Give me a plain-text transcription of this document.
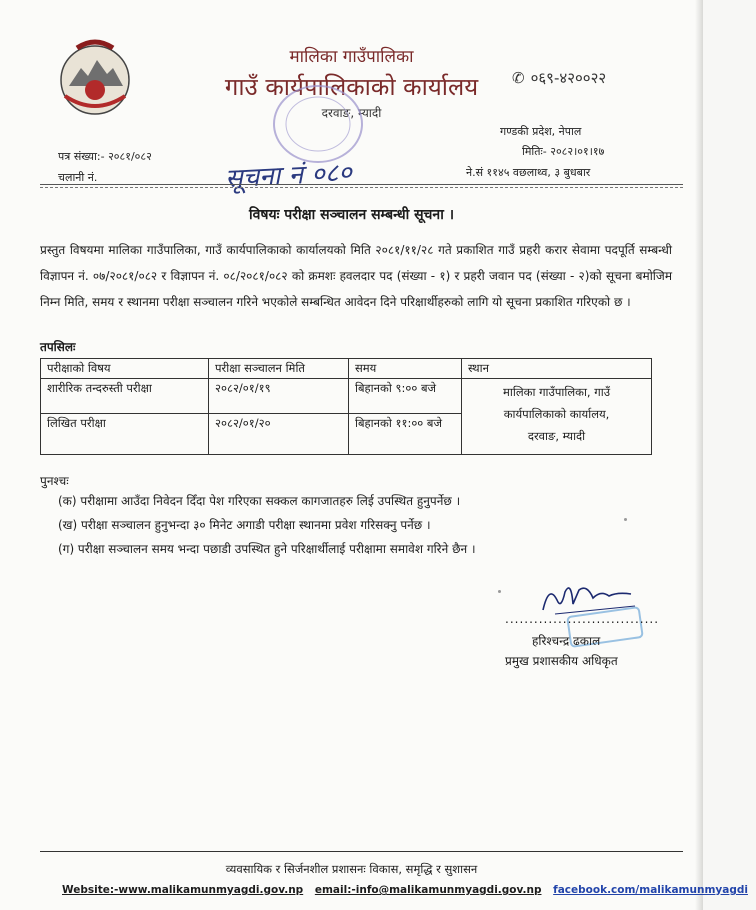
मालिका गाउँपालिका
गाउँ कार्यपालिकाको कार्यालय
दरवाङ, म्यादी
✆ ०६९-४२००२२
गण्डकी प्रदेश, नेपाल
पत्र संख्या:- २०८१/०८२
चलानी नं.
मितिः- २०८२।०१।१७
ने.सं ११४५ वछलाथ्व, ३ बुधबार
सूचना नं ०८०
विषयः परीक्षा सञ्चालन सम्बन्धी सूचना ।
प्रस्तुत विषयमा मालिका गाउँपालिका, गाउँ कार्यपालिकाको कार्यालयको मिति २०८१/११/२८ गते प्रकाशित गाउँ प्रहरी करार सेवामा पदपूर्ति सम्बन्धी विज्ञापन नं. ०७/२०८१/०८२ र विज्ञापन नं. ०८/२०८१/०८२ को क्रमशः हवलदार पद (संख्या - १) र प्रहरी जवान पद (संख्या - २)को सूचना बमोजिम निम्न मिति, समय र स्थानमा परीक्षा सञ्चालन गरिने भएकोले सम्बन्धित आवेदन दिने परिक्षार्थीहरुको लागि यो सूचना प्रकाशित गरिएको छ ।
तपसिलः
परीक्षाको विषय	परीक्षा सञ्चालन मिति	समय	स्थान
शारीरिक तन्दरुस्ती परीक्षा	२०८२/०१/१९	बिहानको ९:०० बजे	मालिका गाउँपालिका, गाउँ
कार्यपालिकाको कार्यालय,
दरवाङ, म्यादी

लिखित परीक्षा	२०८२/०१/२०	बिहानको ११:०० बजे	
पुनश्चः
(क) परीक्षामा आउँदा निवेदन दिँदा पेश गरिएका सक्कल कागजातहरु लिई उपस्थित हुनुपर्नेछ ।
(ख) परीक्षा सञ्चालन हुनुभन्दा ३० मिनेट अगाडी परीक्षा स्थानमा प्रवेश गरिसक्नु पर्नेछ ।
(ग) परीक्षा सञ्चालन समय भन्दा पछाडी उपस्थित हुने परिक्षार्थीलाई परीक्षामा समावेश गरिने छैन ।
................................
हरिश्चन्द्र ढकाल
प्रमुख प्रशासकीय अधिकृत
व्यवसायिक र सिर्जनशील प्रशासनः विकास, समृद्धि र सुशासन
Website:-www.malikamunmyagdi.gov.np email:-info@malikamunmyagdi.gov.np facebook.com/malikamunmyagdi
